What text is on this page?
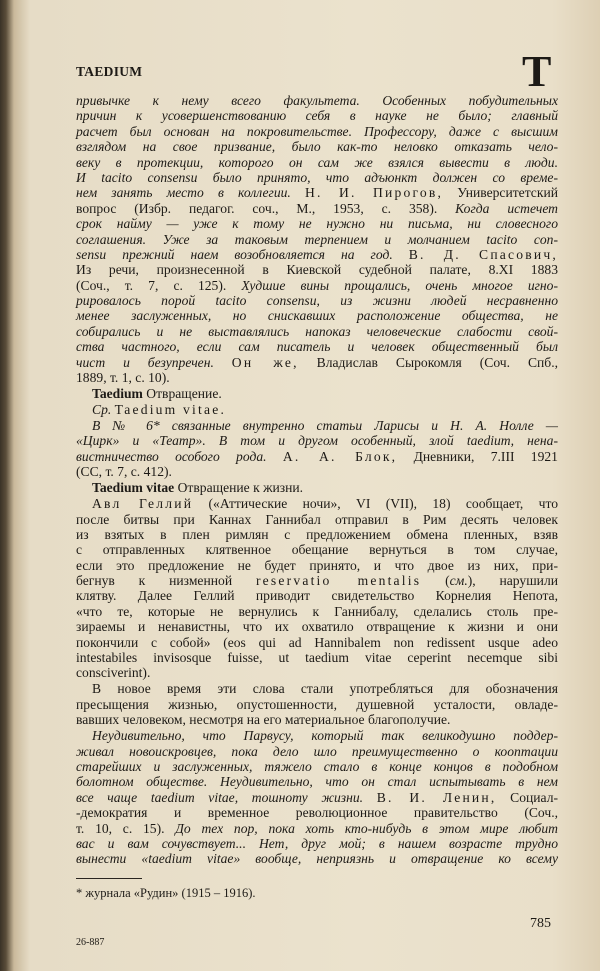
TAEDIUM	T
привычке к нему всего факультета. Особенных побудительных
причин к усовершенствованию себя в науке не было; главный
расчет был основан на покровительстве. Профессору, даже с высшим
взглядом на свое призвание, было как-то неловко отказать чело-
веку в протекции, которого он сам же взялся вывести в люди.
И tacito consensu было принято, что адъюнкт должен со време-
нем занять место в коллегии. Н. И. Пирогов, Университетский
вопрос (Избр. педагог. соч., М., 1953, с. 358). Когда истечет
срок найму — уже к тому не нужно ни письма, ни словесного
соглашения. Уже за таковым терпением и молчанием tacito con-
sensu прежний наем возобновляется на год. В. Д. Спасович,
Из речи, произнесенной в Киевской судебной палате, 8.XI 1883
(Соч., т. 7, с. 125). Худшие вины прощались, очень многое игно-
рировалось порой tacito consensu, из жизни людей несравненно
менее заслуженных, но снискавших расположение общества, не
собирались и не выставлялись напоказ человеческие слабости свой-
ства частного, если сам писатель и человек общественный был
чист и безупречен. Он же, Владислав Сырокомля (Соч. Спб.,
1889, т. 1, с. 10).
Taedium Отвращение.
Ср. Taedium vitae.
В № 6* связанные внутренно статьи Ларисы и Н. А. Нолле —
«Цирк» и «Театр». В том и другом особенный, злой taedium, нена-
вистничество особого рода. А. А. Блок, Дневники, 7.III 1921
(СС, т. 7, с. 412).
Taedium vitae Отвращение к жизни.
Авл Геллий («Аттические ночи», VI (VII), 18) сообщает, что
после битвы при Каннах Ганнибал отправил в Рим десять человек
из взятых в плен римлян с предложением обмена пленных, взяв
с отправленных клятвенное обещание вернуться в том случае,
если это предложение не будет принято, и что двое из них, при-
бегнув к низменной reservatio mentalis (см.), нарушили
клятву. Далее Геллий приводит свидетельство Корнелия Непота,
«что те, которые не вернулись к Ганнибалу, сделались столь пре-
зираемы и ненавистны, что их охватило отвращение к жизни и они
покончили с собой» (eos qui ad Hannibalem non redissent usque adeo
intestabiles invisosque fuisse, ut taedium vitae ceperint necemque sibi
consciverint).
В новое время эти слова стали употребляться для обозначения
пресыщения жизнью, опустошенности, душевной усталости, овладе-
вавших человеком, несмотря на его материальное благополучие.
Неудивительно, что Парвусу, который так великодушно поддер-
живал новоискровцев, пока дело шло преимущественно о кооптации
старейших и заслуженных, тяжело стало в конце концов в подобном
болотном обществе. Неудивительно, что он стал испытывать в нем
все чаще taedium vitae, тошноту жизни. В. И. Ленин, Социал-
-демократия и временное революционное правительство (Соч.,
т. 10, с. 15). До тех пор, пока хоть кто-нибудь в этом мире любит
вас и вам сочувствует... Нет, друг мой; в нашем возрасте трудно
вынести «taedium vitae» вообще, неприязнь и отвращение ко всему
* журнала «Рудин» (1915 – 1916).
785
26-887
